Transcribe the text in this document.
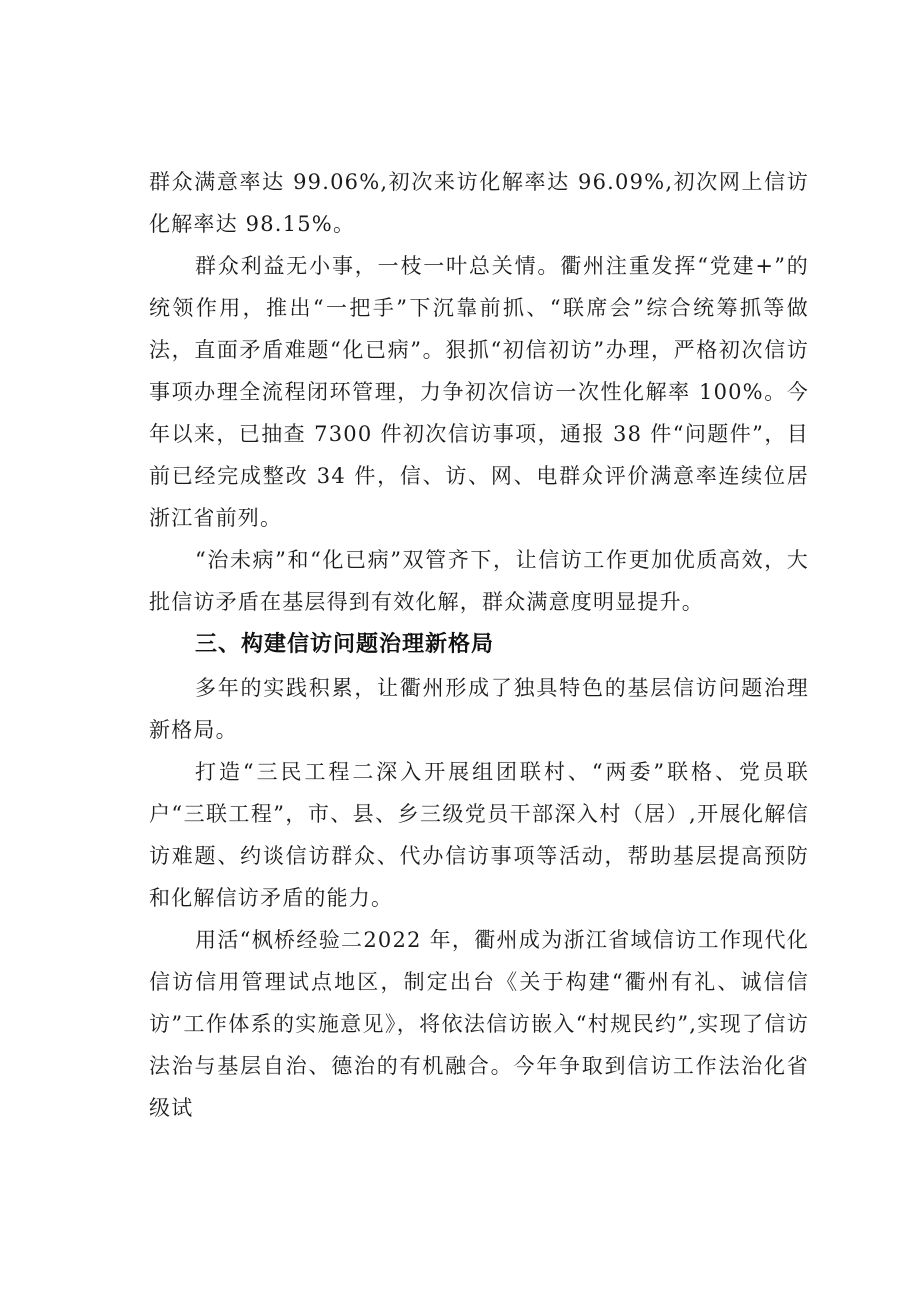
群众满意率达 99.06%,初次来访化解率达 96.09%,初次网上信访化解率达 98.15%。

群众利益无小事，一枝一叶总关情。衢州注重发挥“党建+”的统领作用，推出“一把手”下沉靠前抓、“联席会”综合统筹抓等做法，直面矛盾难题“化已病”。狠抓“初信初访”办理，严格初次信访事项办理全流程闭环管理，力争初次信访一次性化解率 100%。今年以来，已抽查 7300 件初次信访事项，通报 38 件“问题件”，目前已经完成整改 34 件，信、访、网、电群众评价满意率连续位居浙江省前列。

“治未病”和“化已病”双管齐下，让信访工作更加优质高效，大批信访矛盾在基层得到有效化解，群众满意度明显提升。

三、构建信访问题治理新格局

多年的实践积累，让衢州形成了独具特色的基层信访问题治理新格局。

打造“三民工程二深入开展组团联村、“两委”联格、党员联户“三联工程”，市、县、乡三级党员干部深入村（居）,开展化解信访难题、约谈信访群众、代办信访事项等活动，帮助基层提高预防和化解信访矛盾的能力。

用活“枫桥经验二2022 年，衢州成为浙江省域信访工作现代化信访信用管理试点地区，制定出台《关于构建“衢州有礼、诚信信访”工作体系的实施意见》，将依法信访嵌入“村规民约”,实现了信访法治与基层自治、德治的有机融合。今年争取到信访工作法治化省级试
